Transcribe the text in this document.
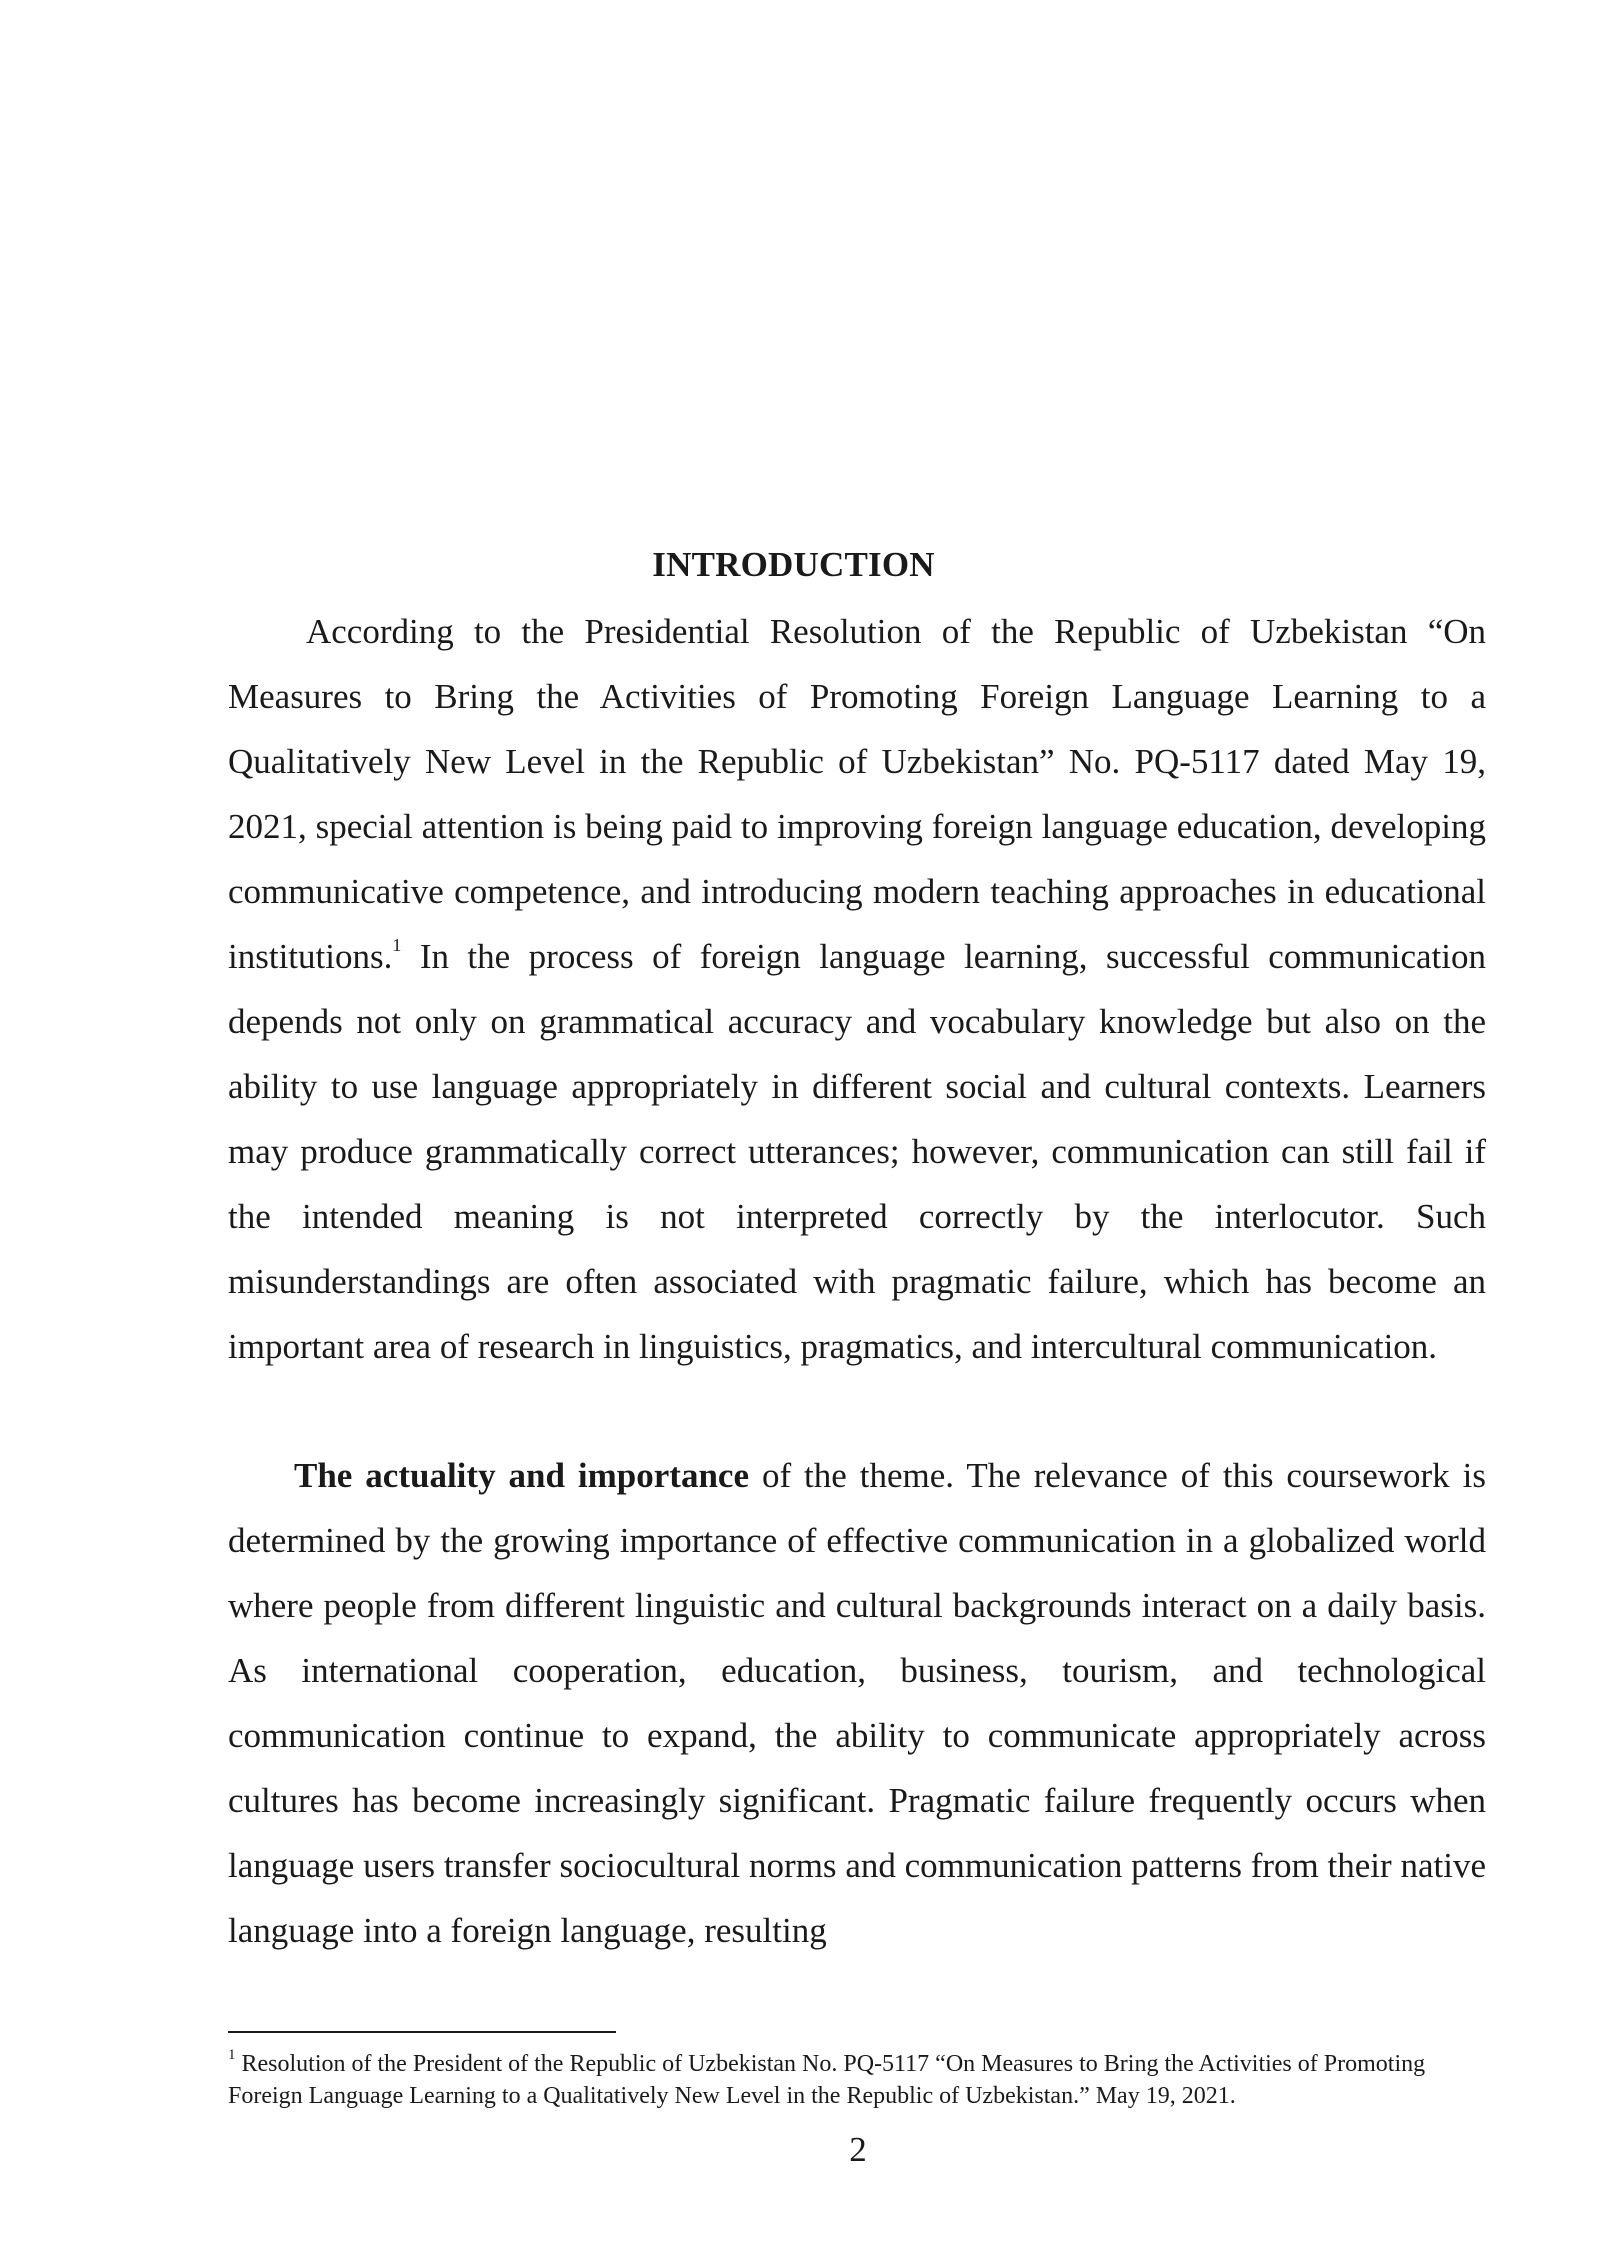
INTRODUCTION
According to the Presidential Resolution of the Republic of Uzbekistan “On Measures to Bring the Activities of Promoting Foreign Language Learning to a Qualitatively New Level in the Republic of Uzbekistan” No. PQ-5117 dated May 19, 2021, special attention is being paid to improving foreign language education, developing communicative competence, and introducing modern teaching approaches in educational institutions.$^1$ In the process of foreign language learning, successful communication depends not only on grammatical accuracy and vocabulary knowledge but also on the ability to use language appropriately in different social and cultural contexts. Learners may produce grammatically correct utterances; however, communication can still fail if the intended meaning is not interpreted correctly by the interlocutor. Such misunderstandings are often associated with pragmatic failure, which has become an important area of research in linguistics, pragmatics, and intercultural communication.
The actuality and importance of the theme. The relevance of this coursework is determined by the growing importance of effective communication in a globalized world where people from different linguistic and cultural backgrounds interact on a daily basis. As international cooperation, education, business, tourism, and technological communication continue to expand, the ability to communicate appropriately across cultures has become increasingly significant. Pragmatic failure frequently occurs when language users transfer sociocultural norms and communication patterns from their native language into a foreign language, resulting
$^1$ Resolution of the President of the Republic of Uzbekistan No. PQ-5117 “On Measures to Bring the Activities of Promoting Foreign Language Learning to a Qualitatively New Level in the Republic of Uzbekistan.” May 19, 2021.
2
